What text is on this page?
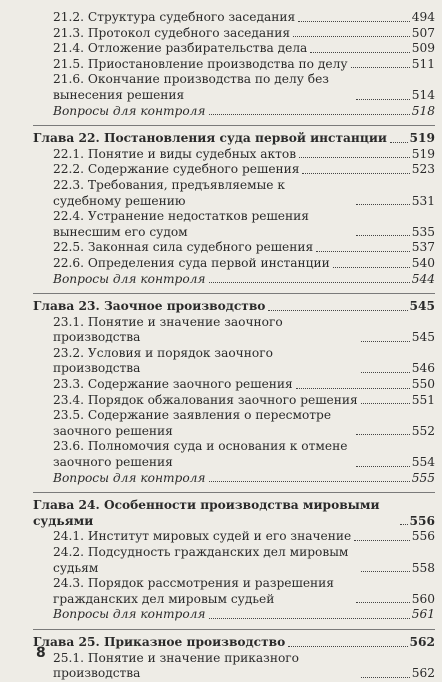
21.2. Структура судебного заседания	494
21.3. Протокол судебного заседания	507
21.4. Отложение разбирательства дела	509
21.5. Приостановление производства по делу	511
21.6. Окончание производства по делу без вынесения решения	514
Вопросы для контроля	518
Глава 22. Постановления суда первой инстанции 519
22.1. Понятие и виды судебных актов	519
22.2. Содержание судебного решения	523
22.3. Требования, предъявляемые к судебному решению	531
22.4. Устранение недостатков решения вынесшим его судом	535
22.5. Законная сила судебного решения	537
22.6. Определения суда первой инстанции	540
Вопросы для контроля	544
Глава 23. Заочное производство	545
23.1. Понятие и значение заочного производства	545
23.2. Условия и порядок заочного производства	546
23.3. Содержание заочного решения	550
23.4. Порядок обжалования заочного решения	551
23.5. Содержание заявления о пересмотре заочного решения	552
23.6. Полномочия суда и основания к отмене заочного решения	554
Вопросы для контроля	555
Глава 24. Особенности производства мировыми судьями	556
24.1. Институт мировых судей и его значение	556
24.2. Подсудность гражданских дел мировым судьям	558
24.3. Порядок рассмотрения и разрешения гражданских дел мировым судьей	560
Вопросы для контроля	561
Глава 25. Приказное производство	562
25.1. Понятие и значение приказного производства	562
8
